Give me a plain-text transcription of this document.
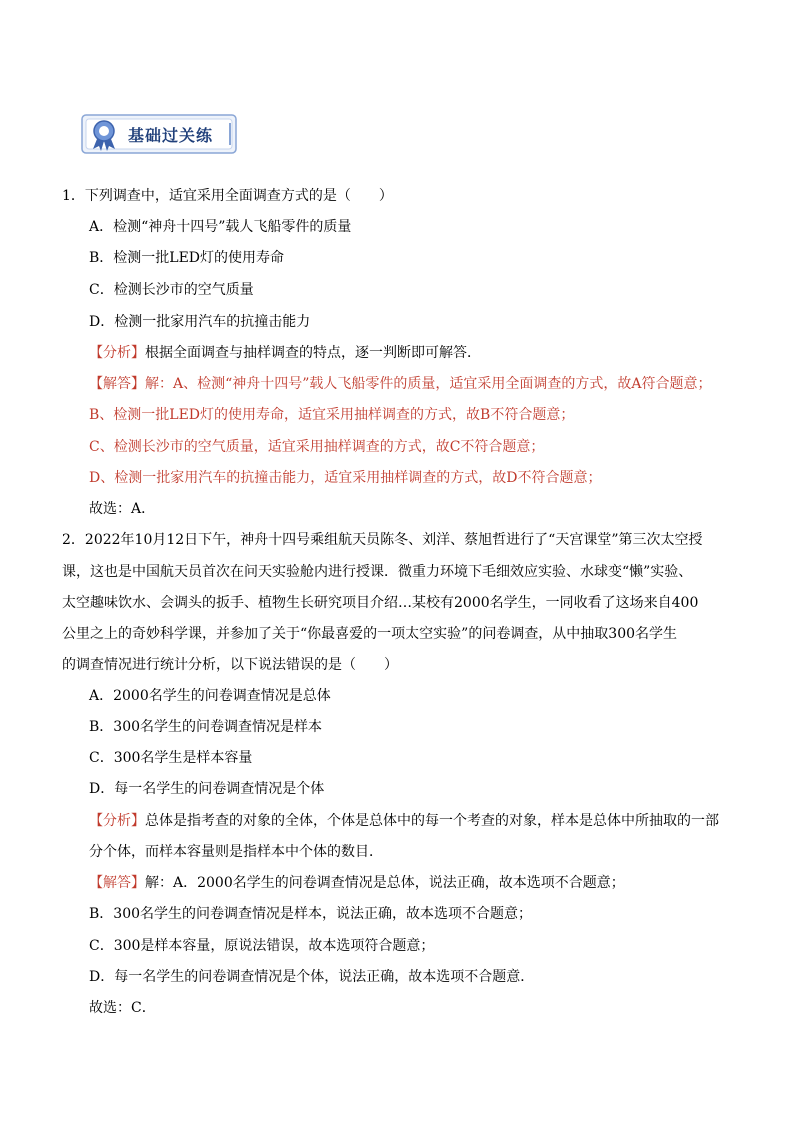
基础过关练
1．下列调查中，适宜采用全面调查方式的是（　　）
A．检测“神舟十四号”载人飞船零件的质量
B．检测一批LED灯的使用寿命
C．检测长沙市的空气质量
D．检测一批家用汽车的抗撞击能力
【分析】根据全面调查与抽样调查的特点，逐一判断即可解答．
【解答】解：A、检测“神舟十四号”载人飞船零件的质量，适宜采用全面调查的方式，故A符合题意；
B、检测一批LED灯的使用寿命，适宜采用抽样调查的方式，故B不符合题意；
C、检测长沙市的空气质量，适宜采用抽样调查的方式，故C不符合题意；
D、检测一批家用汽车的抗撞击能力，适宜采用抽样调查的方式，故D不符合题意；
故选：A．
2．2022年10月12日下午，神舟十四号乘组航天员陈冬、刘洋、蔡旭哲进行了“天宫课堂”第三次太空授
课，这也是中国航天员首次在问天实验舱内进行授课．微重力环境下毛细效应实验、水球变“懒”实验、
太空趣味饮水、会调头的扳手、植物生长研究项目介绍…某校有2000名学生，一同收看了这场来自400
公里之上的奇妙科学课，并参加了关于“你最喜爱的一项太空实验”的问卷调查，从中抽取300名学生
的调查情况进行统计分析，以下说法错误的是（　　）
A．2000名学生的问卷调查情况是总体
B．300名学生的问卷调查情况是样本
C．300名学生是样本容量
D．每一名学生的问卷调查情况是个体
【分析】总体是指考查的对象的全体，个体是总体中的每一个考查的对象，样本是总体中所抽取的一部
分个体，而样本容量则是指样本中个体的数目．
【解答】解：A．2000名学生的问卷调查情况是总体，说法正确，故本选项不合题意；
B．300名学生的问卷调查情况是样本，说法正确，故本选项不合题意；
C．300是样本容量，原说法错误，故本选项符合题意；
D．每一名学生的问卷调查情况是个体，说法正确，故本选项不合题意．
故选：C．
